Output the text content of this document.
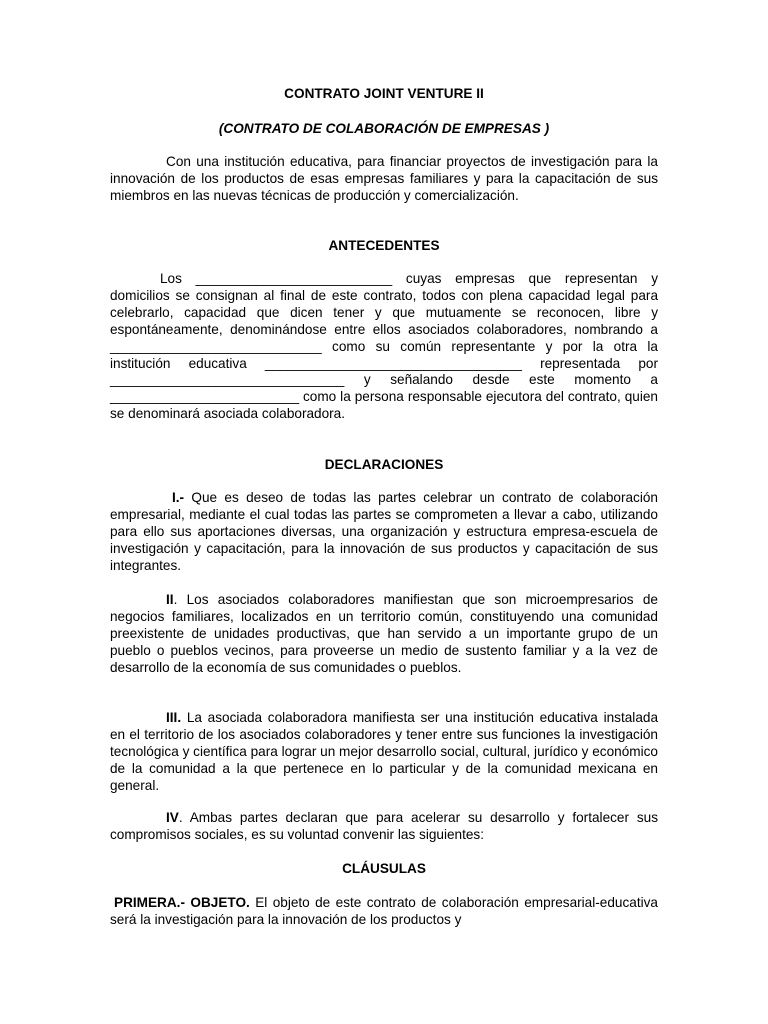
CONTRATO JOINT VENTURE II

(CONTRATO DE COLABORACIÓN DE EMPRESAS )

Con una institución educativa, para financiar proyectos de investigación para la innovación de los productos de esas empresas familiares y para la capacitación de sus miembros en las nuevas técnicas de producción y comercialización.

ANTECEDENTES

Los __________________________ cuyas empresas que representan y domicilios se consignan al final de este contrato, todos con plena capacidad legal para celebrarlo, capacidad que dicen tener y que mutuamente se reconocen, libre y espontáneamente, denominándose entre ellos asociados colaboradores, nombrando a ____________________________ como su común representante y por la otra la institución educativa __________________________________ representada por _______________________________ y señalando desde este momento a _________________________ como la persona responsable ejecutora del contrato, quien se denominará asociada colaboradora.

DECLARACIONES

I.- Que es deseo de todas las partes celebrar un contrato de colaboración empresarial, mediante el cual todas las partes se comprometen a llevar a cabo, utilizando para ello sus aportaciones diversas, una organización y estructura empresa-escuela de investigación y capacitación, para la innovación de sus productos y capacitación de sus integrantes.

II. Los asociados colaboradores manifiestan que son microempresarios de negocios familiares, localizados en un territorio común, constituyendo una comunidad preexistente de unidades productivas, que han servido a un importante grupo de un pueblo o pueblos vecinos, para proveerse un medio de sustento familiar y a la vez de desarrollo de la economía de sus comunidades o pueblos.

III. La asociada colaboradora manifiesta ser una institución educativa instalada en el territorio de los asociados colaboradores y tener entre sus funciones la investigación tecnológica y científica para lograr un mejor desarrollo social, cultural, jurídico y económico de la comunidad a la que pertenece en lo particular y de la comunidad mexicana en general.

IV. Ambas partes declaran que para acelerar su desarrollo y fortalecer sus compromisos sociales, es su voluntad convenir las siguientes:

CLÁUSULAS

PRIMERA.- OBJETO. El objeto de este contrato de colaboración empresarial-educativa será la investigación para la innovación de los productos y
